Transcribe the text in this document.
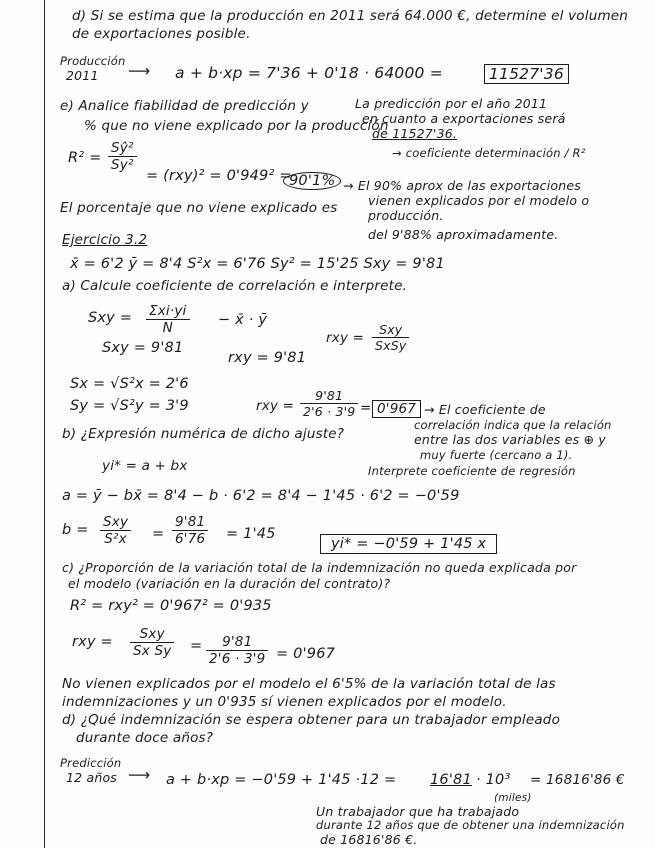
d) Si se estima que la producción en 2011 será 64.000 €, determine el volumen
de exportaciones posible.
Producción
2011 ⟶ a + b·xp = 7'36 + 0'18 · 64000 =	11527'36
La predicción por el año 2011
en cuanto a exportaciones será
de 11527'36.
e) Analice fiabilidad de predicción y
% que no viene explicado por la producción
→ coeficiente determinación / R²
$R^2 = \frac{\text{Sŷ²}}{\text{Sy²}}$
= (rxy)² = 0'949² =
90'1% → El 90% aprox de las exportaciones
vienen explicados por el modelo o
producción.
El porcentaje que no viene explicado es
del 9'88% aproximadamente.
Ejercicio 3.2
x̄ = 6'2 ȳ = 8'4 S²x = 6'76 Sy² = 15'25 Sxy = 9'81
a) Calcule coeficiente de correlación e interprete.
Sxy = Σxi·yi
N	− x̄ · ȳ
rxy =
Sxy
SxSy
Sxy = 9'81
rxy = 9'81
Sx = √S²x = 2'6
Sy = √S²y = 3'9	rxy = $\frac{9'81}{2'6 \cdot 3'9} = 0'967 \to El$ coeficiente de
correlación indica que la relación
entre las dos variables es ⊕ y
muy fuerte (cercano a 1).
b) ¿Expresión numérica de dicho ajuste?
Interprete coeficiente de regresión
yi* = a + bx
a = ȳ − bx̄ = 8'4 − b · 6'2 = 8'4 − 1'45 · 6'2 = −0'59
b = Sxy
$S^2x = \frac{9'81}{6'76} = 1'45$
yi* = −0'59 + 1'45 x
c) ¿Proporción de la variación total de la indemnización no queda explicada por
el modelo (variación en la duración del contrato)?
R² = rxy² = 0'967² = 0'935
rxy =	Sxy
Sx $Sy = \frac{9'81}{2'6 \cdot 3'9} = 0'967$
No vienen explicados por el modelo el 6'5% de la variación total de las
indemnizaciones y un 0'935 sí vienen explicados por el modelo.
d) ¿Qué indemnización se espera obtener para un trabajador empleado
durante doce años?
Predicción
12 años ⟶ a + b·xp = −0'59 + 1'45 ·12 = 16'81 · 10³
(miles)
= 16816'86 €
Un trabajador que ha trabajado
durante 12 años que de obtener una indemnización
de 16816'86 €.
